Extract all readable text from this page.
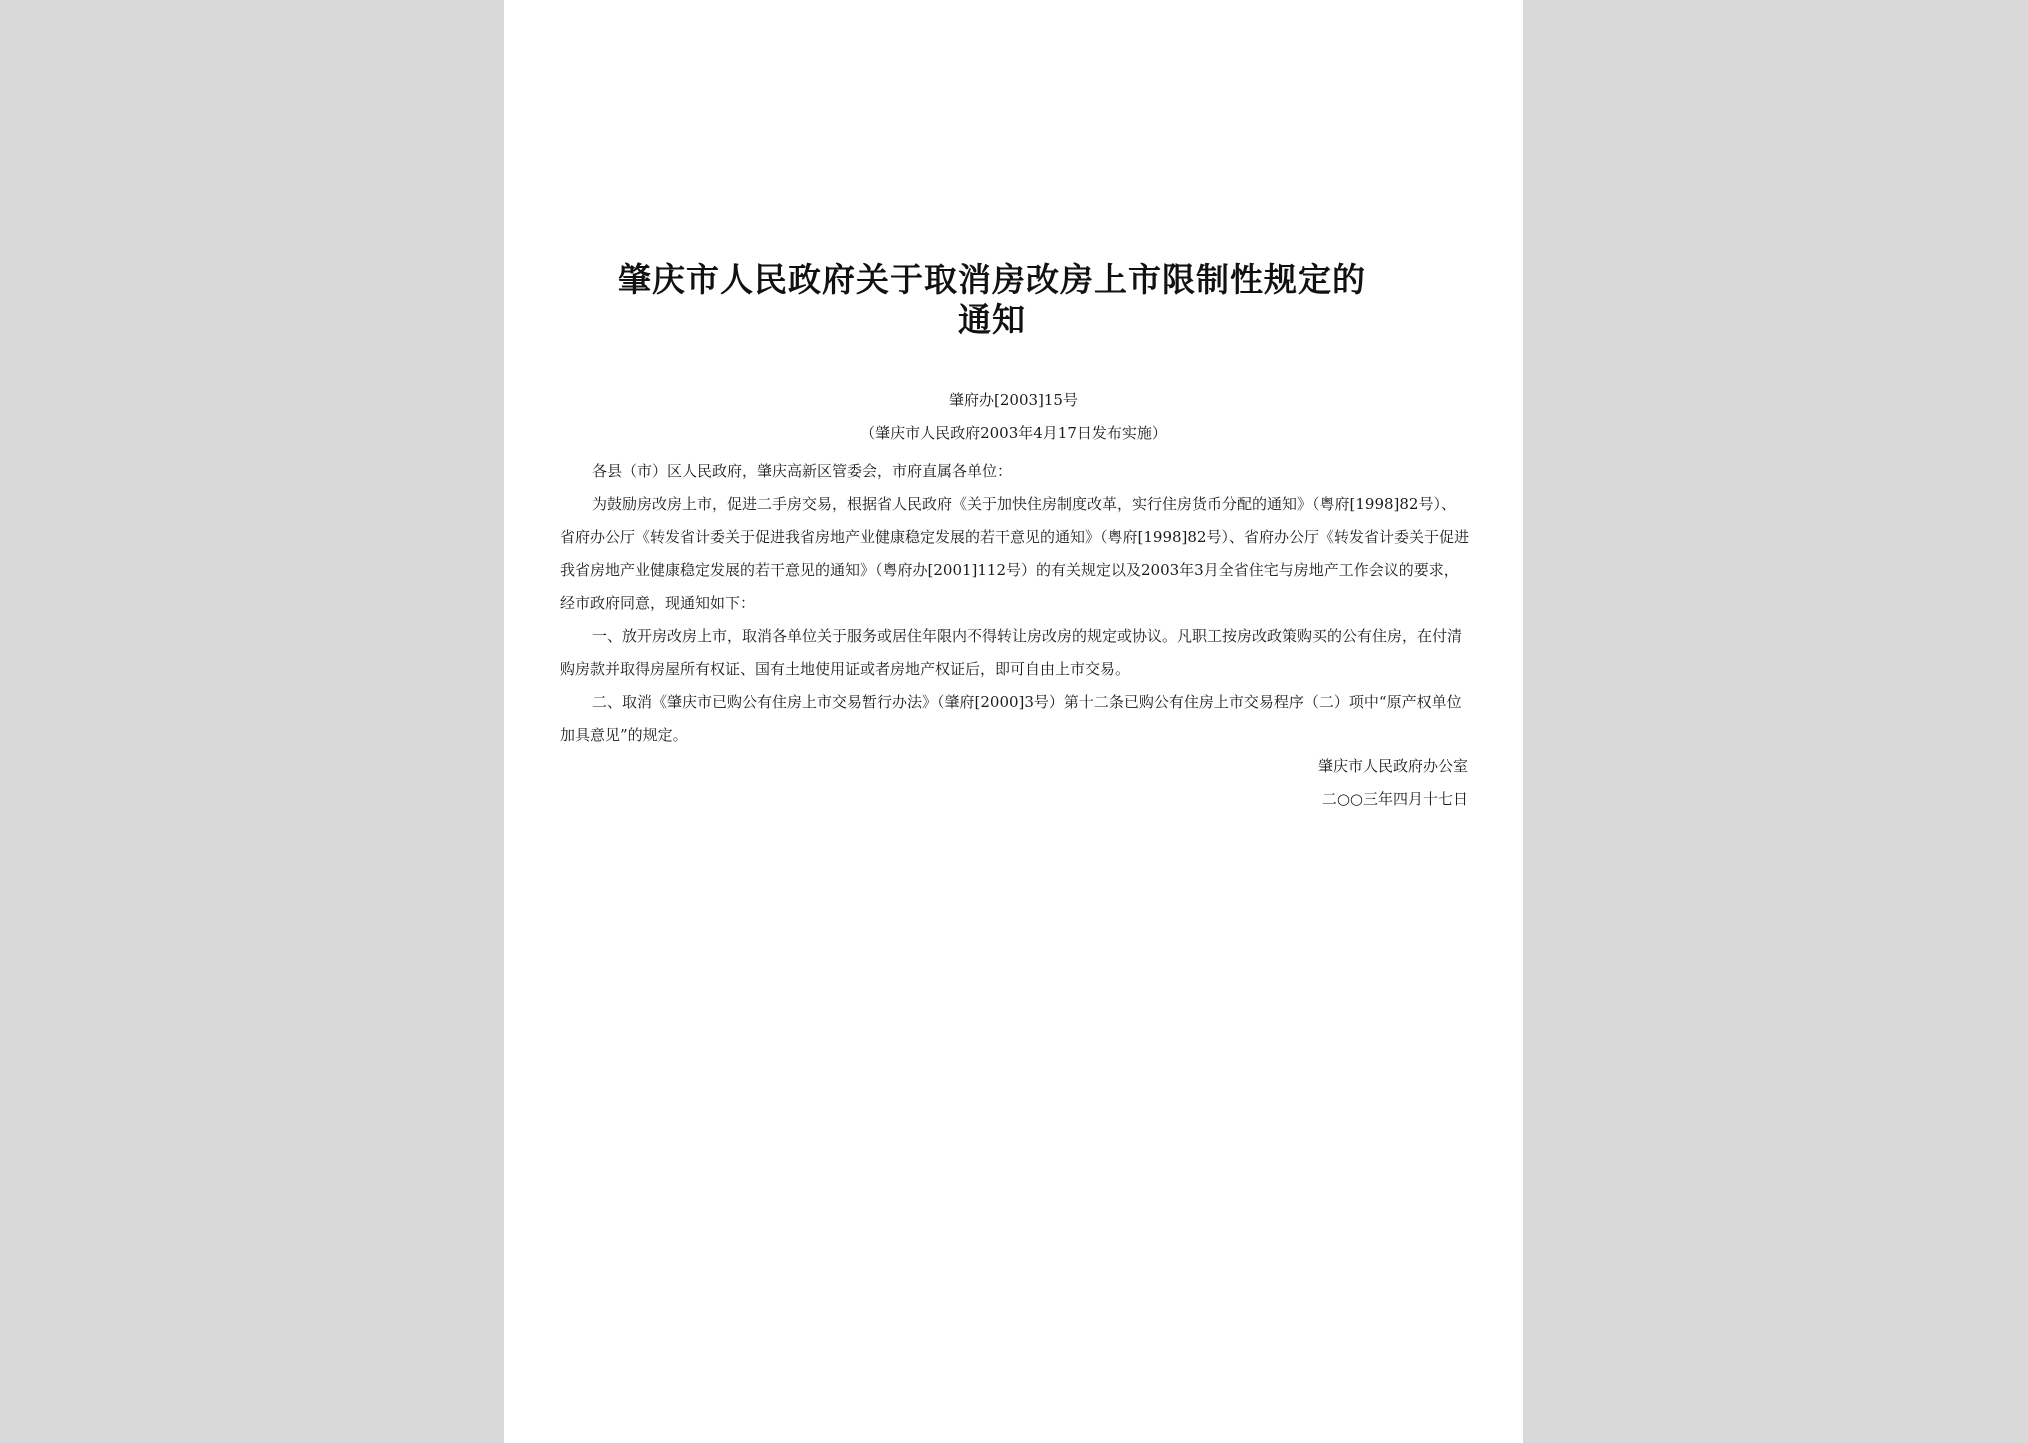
肇庆市人民政府关于取消房改房上市限制性规定的通知
肇府办[2003]15号
（肇庆市人民政府2003年4月17日发布实施）

各县（市）区人民政府，肇庆高新区管委会，市府直属各单位：

为鼓励房改房上市，促进二手房交易，根据省人民政府《关于加快住房制度改革，实行住房货币分配的通知》（粤府[1998]82号）、省府办公厅《转发省计委关于促进我省房地产业健康稳定发展的若干意见的通知》（粤府[1998]82号）、省府办公厅《转发省计委关于促进我省房地产业健康稳定发展的若干意见的通知》（粤府办[2001]112号）的有关规定以及2003年3月全省住宅与房地产工作会议的要求，经市政府同意，现通知如下：

一、放开房改房上市，取消各单位关于服务或居住年限内不得转让房改房的规定或协议。凡职工按房改政策购买的公有住房，在付清购房款并取得房屋所有权证、国有土地使用证或者房地产权证后，即可自由上市交易。

二、取消《肇庆市已购公有住房上市交易暂行办法》（肇府[2000]3号）第十二条已购公有住房上市交易程序（二）项中“原产权单位加具意见”的规定。

肇庆市人民政府办公室
二○○三年四月十七日
